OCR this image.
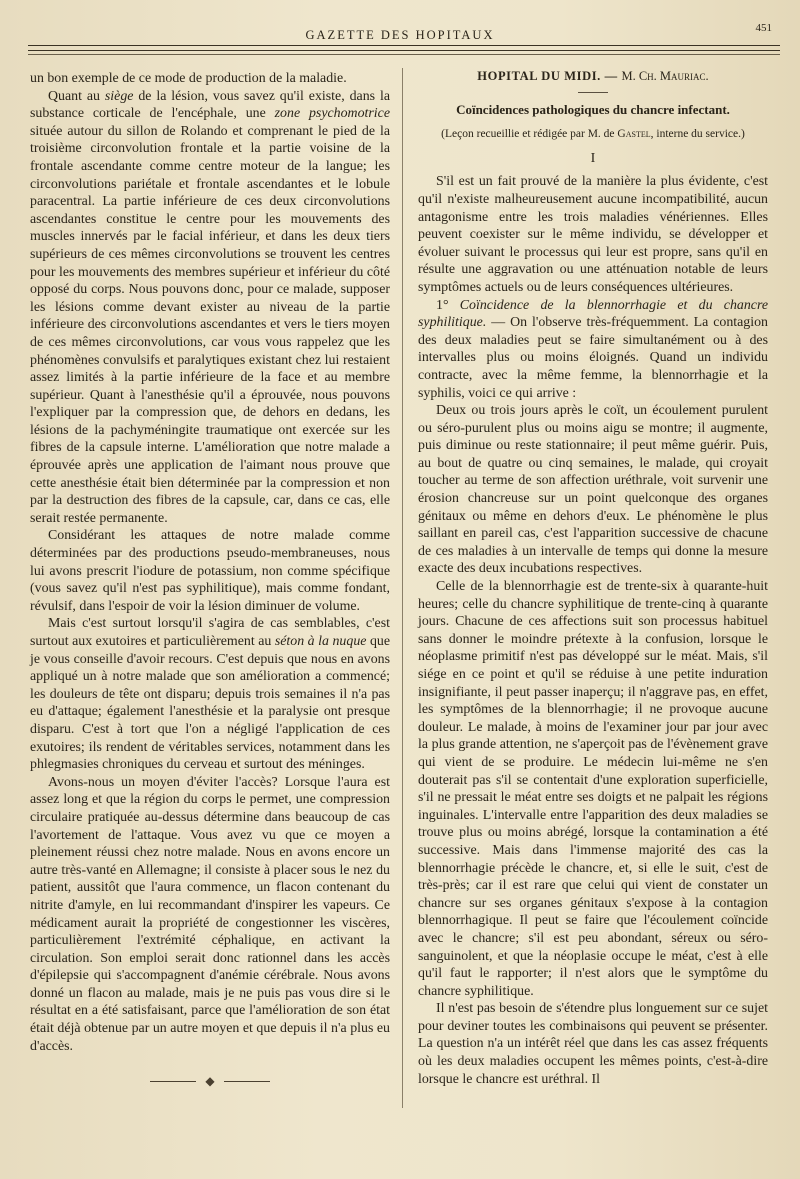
GAZETTE DES HOPITAUX	451

un bon exemple de ce mode de production de la maladie.

Quant au siège de la lésion, vous savez qu'il existe, dans la substance corticale de l'encéphale, une zone psychomotrice située autour du sillon de Rolando et comprenant le pied de la troisième circonvolution frontale et la partie voisine de la frontale ascendante comme centre moteur de la langue; les circonvolutions pariétale et frontale ascendantes et le lobule paracentral. La partie inférieure de ces deux circonvolutions ascendantes constitue le centre pour les mouvements des muscles innervés par le facial inférieur, et dans les deux tiers supérieurs de ces mêmes circonvolutions se trouvent les centres pour les mouvements des membres supérieur et inférieur du côté opposé du corps. Nous pouvons donc, pour ce malade, supposer les lésions comme devant exister au niveau de la partie inférieure des circonvolutions ascendantes et vers le tiers moyen de ces mêmes circonvolutions, car vous vous rappelez que les phénomènes convulsifs et paralytiques existant chez lui restaient assez limités à la partie inférieure de la face et au membre supérieur. Quant à l'anesthésie qu'il a éprouvée, nous pouvons l'expliquer par la compression que, de dehors en dedans, les lésions de la pachyméningite traumatique ont exercée sur les fibres de la capsule interne. L'amélioration que notre malade a éprouvée après une application de l'aimant nous prouve que cette anesthésie était bien déterminée par la compression et non par la destruction des fibres de la capsule, car, dans ce cas, elle serait restée permanente.

Considérant les attaques de notre malade comme déterminées par des productions pseudo-membraneuses, nous lui avons prescrit l'iodure de potassium, non comme spécifique (vous savez qu'il n'est pas syphilitique), mais comme fondant, révulsif, dans l'espoir de voir la lésion diminuer de volume.

Mais c'est surtout lorsqu'il s'agira de cas semblables, c'est surtout aux exutoires et particulièrement au séton à la nuque que je vous conseille d'avoir recours. C'est depuis que nous en avons appliqué un à notre malade que son amélioration a commencé; les douleurs de tête ont disparu; depuis trois semaines il n'a pas eu d'attaque; également l'anesthésie et la paralysie ont presque disparu. C'est à tort que l'on a négligé l'application de ces exutoires; ils rendent de véritables services, notamment dans les phlegmasies chroniques du cerveau et surtout des méninges.

Avons-nous un moyen d'éviter l'accès? Lorsque l'aura est assez long et que la région du corps le permet, une compression circulaire pratiquée au-dessus détermine dans beaucoup de cas l'avortement de l'attaque. Vous avez vu que ce moyen a pleinement réussi chez notre malade. Nous en avons encore un autre très-vanté en Allemagne; il consiste à placer sous le nez du patient, aussitôt que l'aura commence, un flacon contenant du nitrite d'amyle, en lui recommandant d'inspirer les vapeurs. Ce médicament aurait la propriété de congestionner les viscères, particulièrement l'extrémité céphalique, en activant la circulation. Son emploi serait donc rationnel dans les accès d'épilepsie qui s'accompagnent d'anémie cérébrale. Nous avons donné un flacon au malade, mais je ne puis pas vous dire si le résultat en a été satisfaisant, parce que l'amélioration de son état était déjà obtenue par un autre moyen et que depuis il n'a plus eu d'accès.

◆
HOPITAL DU MIDI. — M. Ch. Mauriac.
Coïncidences pathologiques du chancre infectant.
(Leçon recueillie et rédigée par M. de Gastel, interne du service.)
I

S'il est un fait prouvé de la manière la plus évidente, c'est qu'il n'existe malheureusement aucune incompatibilité, aucun antagonisme entre les trois maladies vénériennes. Elles peuvent coexister sur le même individu, se développer et évoluer suivant le processus qui leur est propre, sans qu'il en résulte une aggravation ou une atténuation notable de leurs symptômes actuels ou de leurs conséquences ultérieures.

1° Coïncidence de la blennorrhagie et du chancre syphilitique. — On l'observe très-fréquemment. La contagion des deux maladies peut se faire simultanément ou à des intervalles plus ou moins éloignés. Quand un individu contracte, avec la même femme, la blennorrhagie et la syphilis, voici ce qui arrive :

Deux ou trois jours après le coït, un écoulement purulent ou séro-purulent plus ou moins aigu se montre; il augmente, puis diminue ou reste stationnaire; il peut même guérir. Puis, au bout de quatre ou cinq semaines, le malade, qui croyait toucher au terme de son affection uréthrale, voit survenir une érosion chancreuse sur un point quelconque des organes génitaux ou même en dehors d'eux. Le phénomène le plus saillant en pareil cas, c'est l'apparition successive de chacune de ces maladies à un intervalle de temps qui donne la mesure exacte des deux incubations respectives.

Celle de la blennorrhagie est de trente-six à quarante-huit heures; celle du chancre syphilitique de trente-cinq à quarante jours. Chacune de ces affections suit son processus habituel sans donner le moindre prétexte à la confusion, lorsque le néoplasme primitif n'est pas développé sur le méat. Mais, s'il siége en ce point et qu'il se réduise à une petite induration insignifiante, il peut passer inaperçu; il n'aggrave pas, en effet, les symptômes de la blennorrhagie; il ne provoque aucune douleur. Le malade, à moins de l'examiner jour par jour avec la plus grande attention, ne s'aperçoit pas de l'évènement grave qui vient de se produire. Le médecin lui-même ne s'en douterait pas s'il se contentait d'une exploration superficielle, s'il ne pressait le méat entre ses doigts et ne palpait les régions inguinales. L'intervalle entre l'apparition des deux maladies se trouve plus ou moins abrégé, lorsque la contamination a été successive. Mais dans l'immense majorité des cas la blennorrhagie précède le chancre, et, si elle le suit, c'est de très-près; car il est rare que celui qui vient de constater un chancre sur ses organes génitaux s'expose à la contagion blennorrhagique. Il peut se faire que l'écoulement coïncide avec le chancre; s'il est peu abondant, séreux ou séro-sanguinolent, et que la néoplasie occupe le méat, c'est à elle qu'il faut le rapporter; il n'est alors que le symptôme du chancre syphilitique.

Il n'est pas besoin de s'étendre plus longuement sur ce sujet pour deviner toutes les combinaisons qui peuvent se présenter. La question n'a un intérêt réel que dans les cas assez fréquents où les deux maladies occupent les mêmes points, c'est-à-dire lorsque le chancre est uréthral. Il
